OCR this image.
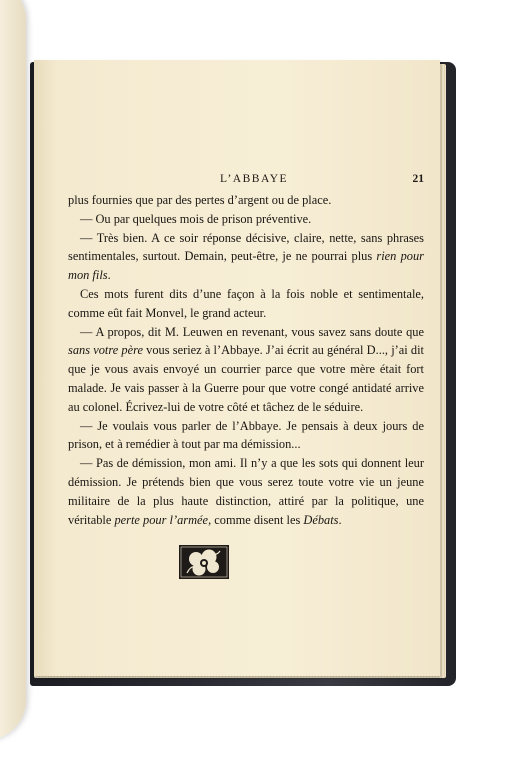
L’ABBAYE	21

plus fournies que par des pertes d’argent ou de place.

— Ou par quelques mois de prison préventive.

— Très bien. A ce soir réponse décisive, claire, nette, sans phrases sentimentales, surtout. Demain, peut-être, je ne pourrai plus rien pour mon fils.

Ces mots furent dits d’une façon à la fois noble et sentimentale, comme eût fait Monvel, le grand acteur.

— A propos, dit M. Leuwen en revenant, vous savez sans doute que sans votre père vous seriez à l’Abbaye. J’ai écrit au général D..., j’ai dit que je vous avais envoyé un courrier parce que votre mère était fort malade. Je vais passer à la Guerre pour que votre congé antidaté arrive au colonel. Écrivez-lui de votre côté et tâchez de le séduire.

— Je voulais vous parler de l’Abbaye. Je pensais à deux jours de prison, et à remédier à tout par ma démission...

— Pas de démission, mon ami. Il n’y a que les sots qui donnent leur démission. Je prétends bien que vous serez toute votre vie un jeune militaire de la plus haute distinction, attiré par la politique, une véritable perte pour l’armée, comme disent les Débats.
